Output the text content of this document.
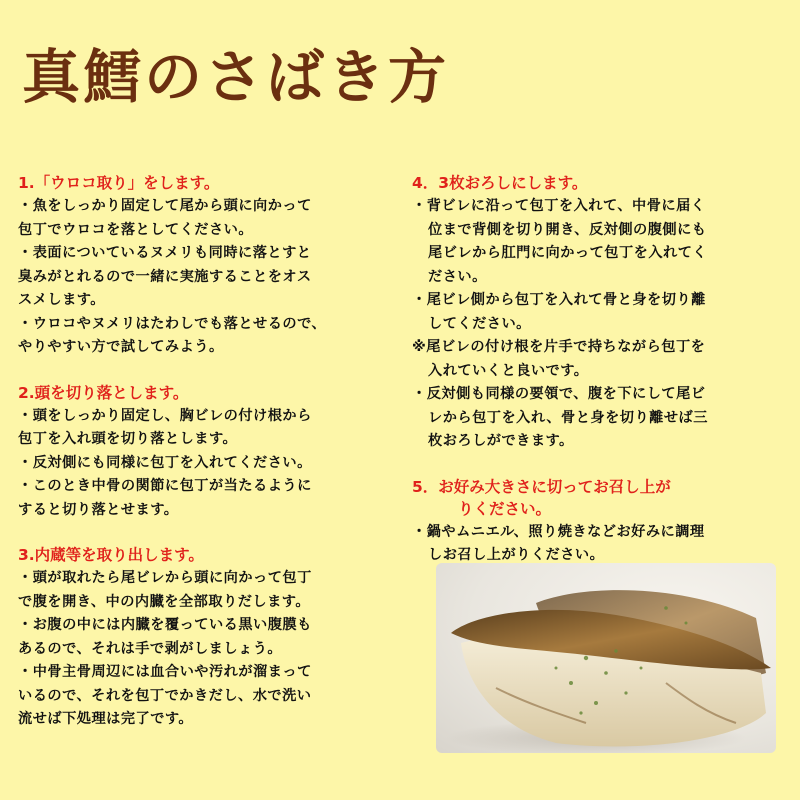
真鱈のさばき方
1.「ウロコ取り」をします。
・魚をしっかり固定して尾から頭に向かって
包丁でウロコを落としてください。
・表面についているヌメリも同時に落とすと
臭みがとれるので一緒に実施することをオス
スメします。
・ウロコやヌメリはたわしでも落とせるので、
やりやすい方で試してみよう。
2.頭を切り落とします。
・頭をしっかり固定し、胸ビレの付け根から
包丁を入れ頭を切り落とします。
・反対側にも同様に包丁を入れてください。
・このとき中骨の関節に包丁が当たるように
すると切り落とせます。
3.内蔵等を取り出します。
・頭が取れたら尾ビレから頭に向かって包丁
で腹を開き、中の内臓を全部取りだします。
・お腹の中には内臓を覆っている黒い腹膜も
あるので、それは手で剥がしましょう。
・中骨主骨周辺には血合いや汚れが溜まって
いるので、それを包丁でかきだし、水で洗い
流せば下処理は完了です。
4．3枚おろしにします。
・背ビレに沿って包丁を入れて、中骨に届く
位まで背側を切り開き、反対側の腹側にも
尾ビレから肛門に向かって包丁を入れてく
ださい。
・尾ビレ側から包丁を入れて骨と身を切り離
してください。
※尾ビレの付け根を片手で持ちながら包丁を
入れていくと良いです。
・反対側も同様の要領で、腹を下にして尾ビ
レから包丁を入れ、骨と身を切り離せば三
枚おろしができます。
5．お好み大きさに切ってお召し上が
りください。
・鍋やムニエル、照り焼きなどお好みに調理
しお召し上がりください。
